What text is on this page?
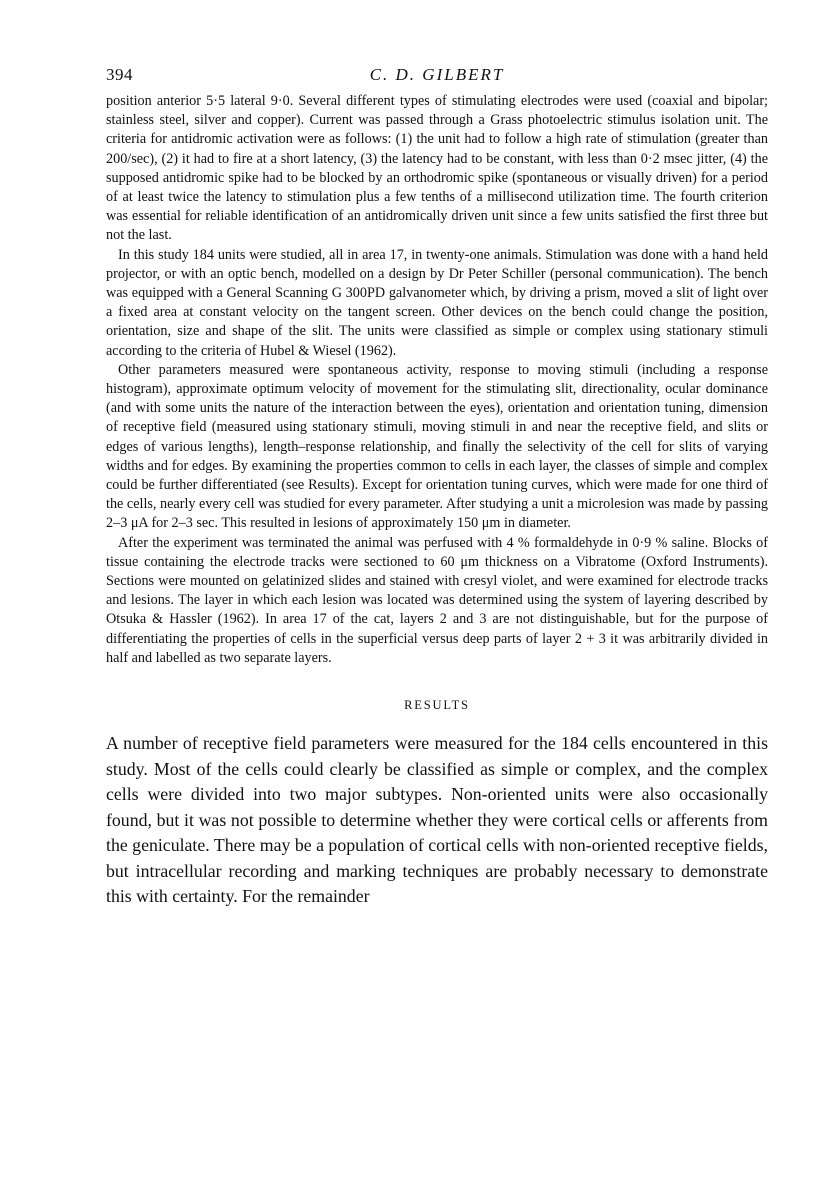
394	C. D. GILBERT

position anterior 5·5 lateral 9·0. Several different types of stimulating electrodes were used (coaxial and bipolar; stainless steel, silver and copper). Current was passed through a Grass photoelectric stimulus isolation unit. The criteria for antidromic activation were as follows: (1) the unit had to follow a high rate of stimulation (greater than 200/sec), (2) it had to fire at a short latency, (3) the latency had to be constant, with less than 0·2 msec jitter, (4) the supposed antidromic spike had to be blocked by an orthodromic spike (spontaneous or visually driven) for a period of at least twice the latency to stimulation plus a few tenths of a millisecond utilization time. The fourth criterion was essential for reliable identification of an antidromically driven unit since a few units satisfied the first three but not the last.

In this study 184 units were studied, all in area 17, in twenty-one animals. Stimulation was done with a hand held projector, or with an optic bench, modelled on a design by Dr Peter Schiller (personal communication). The bench was equipped with a General Scanning G 300PD galvanometer which, by driving a prism, moved a slit of light over a fixed area at constant velocity on the tangent screen. Other devices on the bench could change the position, orientation, size and shape of the slit. The units were classified as simple or complex using stationary stimuli according to the criteria of Hubel & Wiesel (1962).

Other parameters measured were spontaneous activity, response to moving stimuli (including a response histogram), approximate optimum velocity of movement for the stimulating slit, directionality, ocular dominance (and with some units the nature of the interaction between the eyes), orientation and orientation tuning, dimension of receptive field (measured using stationary stimuli, moving stimuli in and near the receptive field, and slits or edges of various lengths), length–response relationship, and finally the selectivity of the cell for slits of varying widths and for edges. By examining the properties common to cells in each layer, the classes of simple and complex could be further differentiated (see Results). Except for orientation tuning curves, which were made for one third of the cells, nearly every cell was studied for every parameter. After studying a unit a microlesion was made by passing 2–3 μA for 2–3 sec. This resulted in lesions of approximately 150 μm in diameter.

After the experiment was terminated the animal was perfused with 4 % formaldehyde in 0·9 % saline. Blocks of tissue containing the electrode tracks were sectioned to 60 μm thickness on a Vibratome (Oxford Instruments). Sections were mounted on gelatinized slides and stained with cresyl violet, and were examined for electrode tracks and lesions. The layer in which each lesion was located was determined using the system of layering described by Otsuka & Hassler (1962). In area 17 of the cat, layers 2 and 3 are not distinguishable, but for the purpose of differentiating the properties of cells in the superficial versus deep parts of layer 2 + 3 it was arbitrarily divided in half and labelled as two separate layers.

RESULTS

A number of receptive field parameters were measured for the 184 cells encountered in this study. Most of the cells could clearly be classified as simple or complex, and the complex cells were divided into two major subtypes. Non-oriented units were also occasionally found, but it was not possible to determine whether they were cortical cells or afferents from the geniculate. There may be a population of cortical cells with non-oriented receptive fields, but intracellular recording and marking techniques are probably necessary to demonstrate this with certainty. For the remainder
